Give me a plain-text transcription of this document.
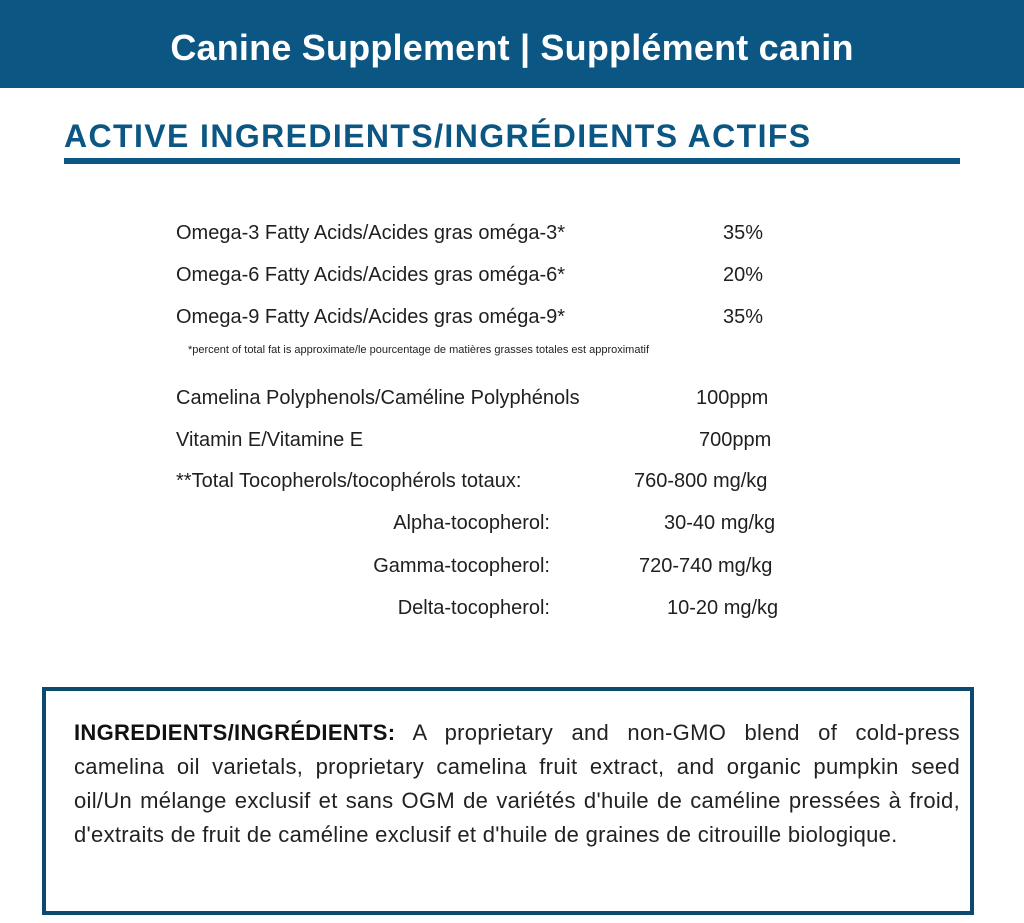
Canine Supplement | Supplément canin
ACTIVE INGREDIENTS/INGRÉDIENTS ACTIFS
Omega-3 Fatty Acids/Acides gras oméga-3*	35%
Omega-6 Fatty Acids/Acides gras oméga-6*	20%
Omega-9 Fatty Acids/Acides gras oméga-9*	35%
*percent of total fat is approximate/le pourcentage de matières grasses totales est approximatif
Camelina Polyphenols/Caméline Polyphénols	100ppm
Vitamin E/Vitamine E	700ppm
**Total Tocopherols/tocophérols totaux:	760-800 mg/kg
Alpha-tocopherol:	30-40 mg/kg
Gamma-tocopherol:	720-740 mg/kg
Delta-tocopherol:	10-20 mg/kg
INGREDIENTS/INGRÉDIENTS: A proprietary and non-GMO blend of cold-press camelina oil varietals, proprietary camelina fruit extract, and organic pumpkin seed oil/Un mélange exclusif et sans OGM de variétés d'huile de caméline pressées à froid, d'extraits de fruit de caméline exclusif et d'huile de graines de citrouille biologique.
